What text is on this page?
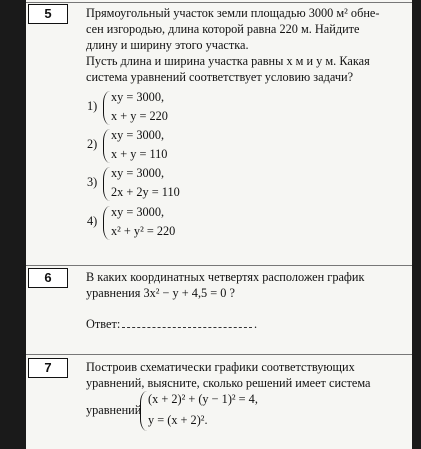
5	Прямоугольный участок земли площадью 3000 м² обне-
сен изгородью, длина которой равна 220 м. Найдите
длину и ширину этого участка.
Пусть длина и ширина участка равны x м и y м. Какая
система уравнений соответствует условию задачи?
1)
xy = 3000,
x + y = 220
2)
xy = 3000,
x + y = 110
3)
xy = 3000,
2x + 2y = 110
4)
xy = 3000,
x² + y² = 220
6	В каких координатных четвертях расположен график
уравнения 3x² − y + 4,5 = 0 ?
Ответ:	.
7	Построив схематически графики соответствующих
уравнений, выясните, сколько решений имеет система
уравнений
(x + 2)² + (y − 1)² = 4,
y = (x + 2)².
